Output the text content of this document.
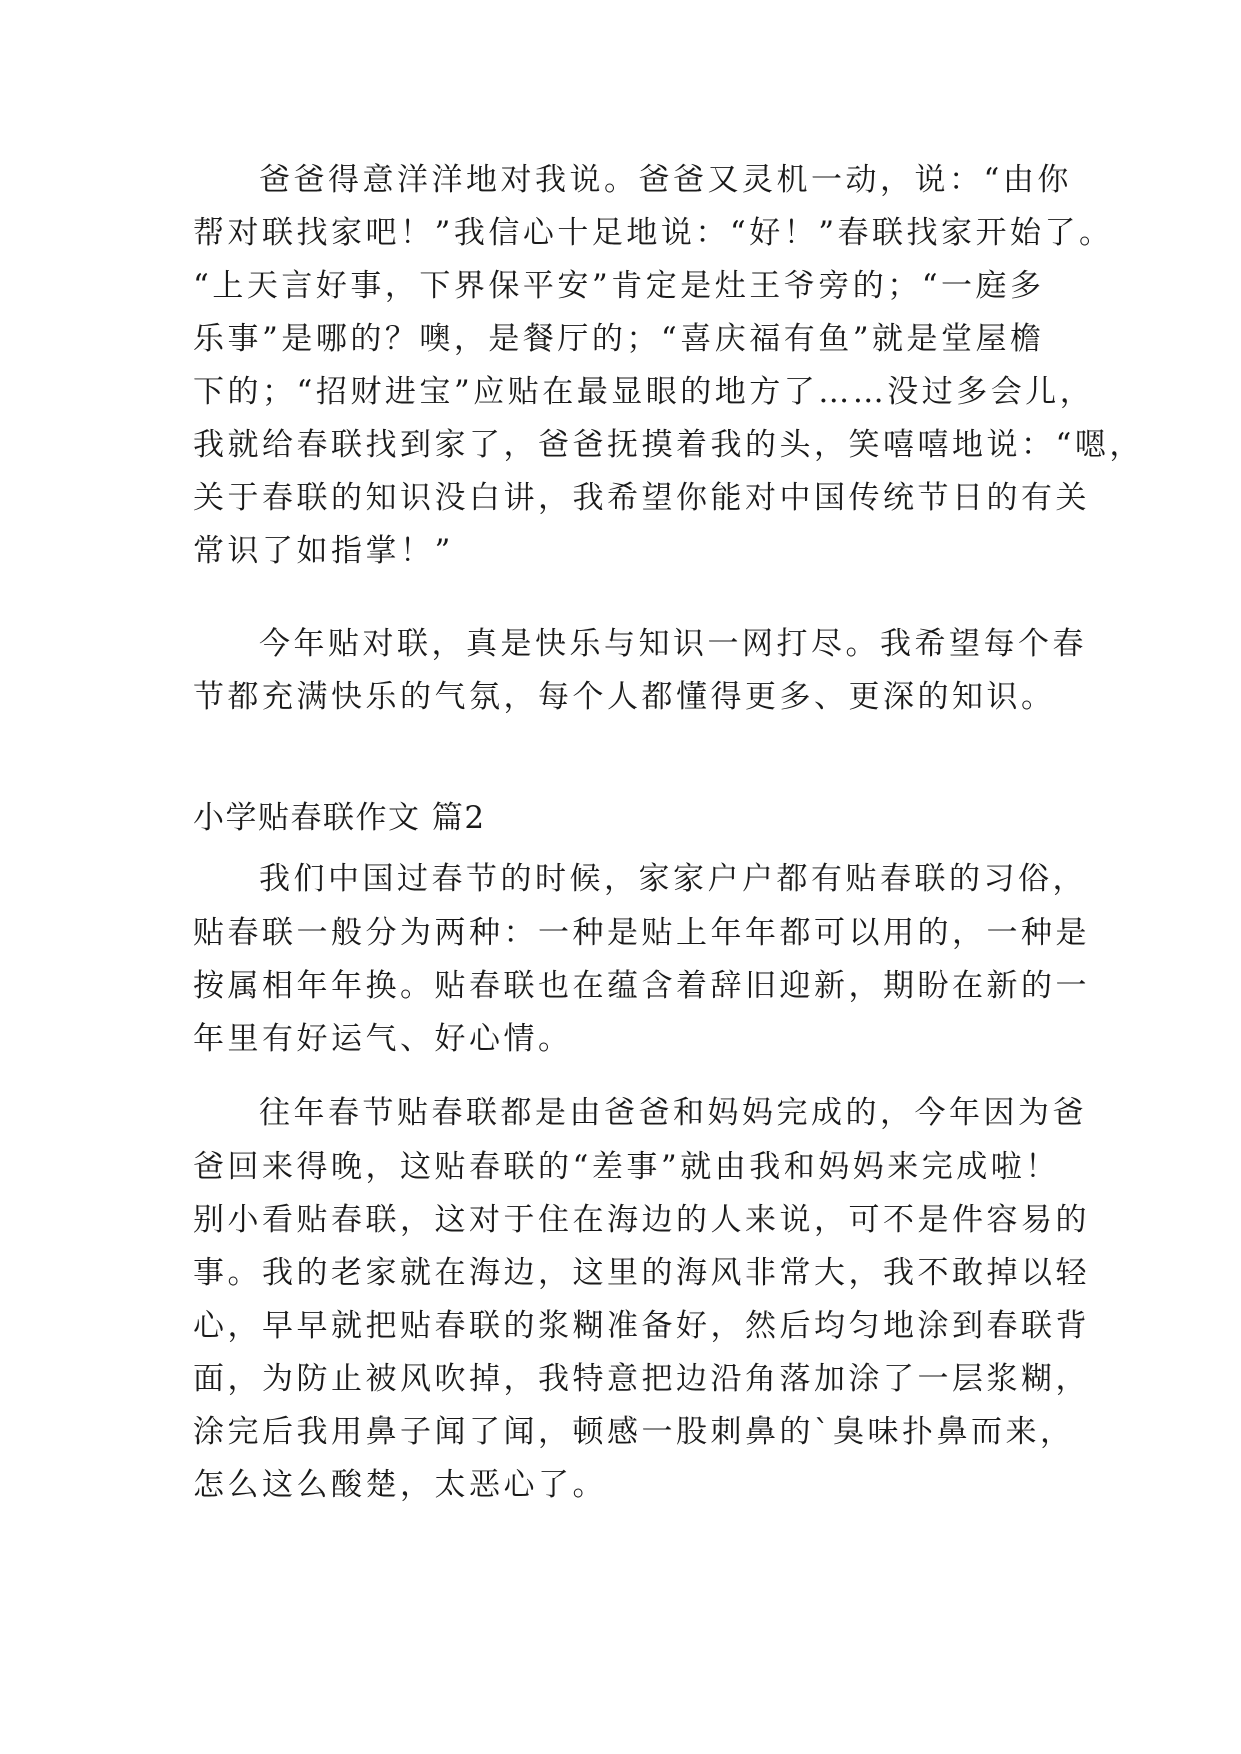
爸爸得意洋洋地对我说。爸爸又灵机一动，说：“由你
帮对联找家吧！”我信心十足地说：“好！”春联找家开始了。
“上天言好事，下界保平安”肯定是灶王爷旁的；“一庭多
乐事”是哪的？噢，是餐厅的；“喜庆福有鱼”就是堂屋檐
下的；“招财进宝”应贴在最显眼的地方了……没过多会儿，
我就给春联找到家了，爸爸抚摸着我的头，笑嘻嘻地说：“嗯，
关于春联的知识没白讲，我希望你能对中国传统节日的有关
常识了如指掌！”
今年贴对联，真是快乐与知识一网打尽。我希望每个春
节都充满快乐的气氛，每个人都懂得更多、更深的知识。
小学贴春联作文 篇2
我们中国过春节的时候，家家户户都有贴春联的习俗，
贴春联一般分为两种：一种是贴上年年都可以用的，一种是
按属相年年换。贴春联也在蕴含着辞旧迎新，期盼在新的一
年里有好运气、好心情。
往年春节贴春联都是由爸爸和妈妈完成的，今年因为爸
爸回来得晚，这贴春联的“差事”就由我和妈妈来完成啦！
别小看贴春联，这对于住在海边的人来说，可不是件容易的
事。我的老家就在海边，这里的海风非常大，我不敢掉以轻
心，早早就把贴春联的浆糊准备好，然后均匀地涂到春联背
面，为防止被风吹掉，我特意把边沿角落加涂了一层浆糊，
涂完后我用鼻子闻了闻，顿感一股刺鼻的`臭味扑鼻而来，
怎么这么酸楚，太恶心了。
